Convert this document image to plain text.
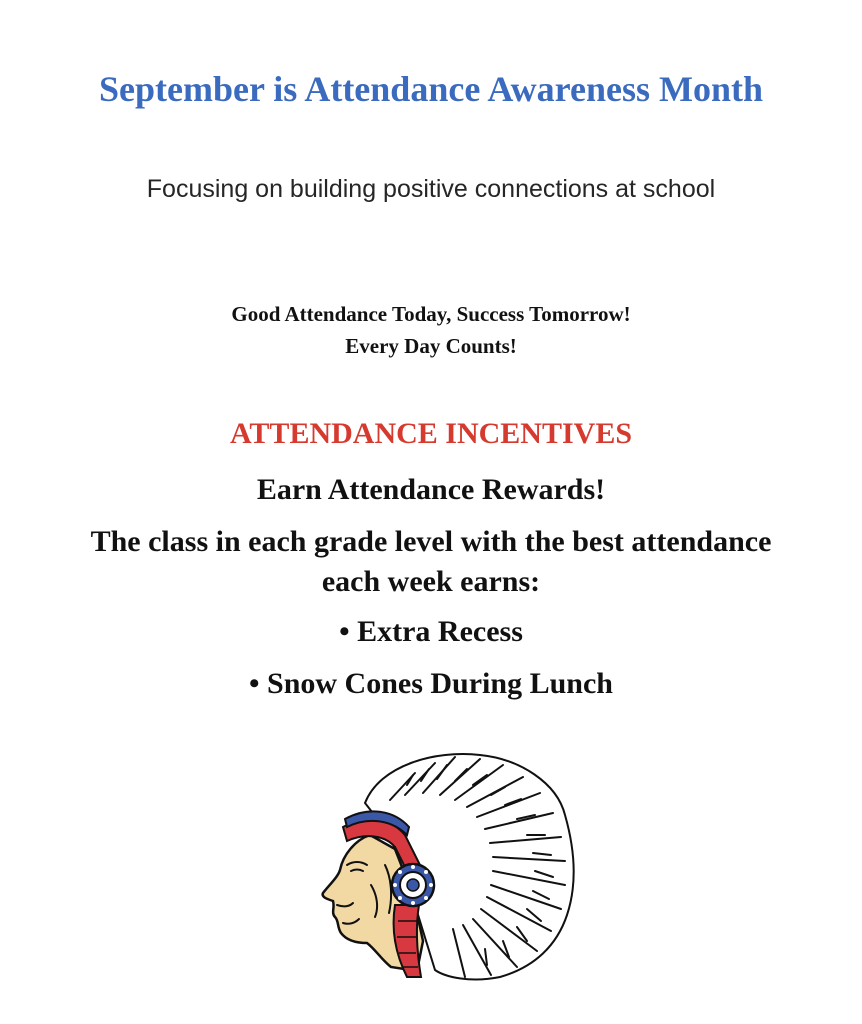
September is Attendance Awareness Month

Focusing on building positive connections at school

Good Attendance Today, Success Tomorrow!
Every Day Counts!
ATTENDANCE INCENTIVES

Earn Attendance Rewards!

The class in each grade level with the best attendance each week earns:

• Extra Recess
• Snow Cones During Lunch
